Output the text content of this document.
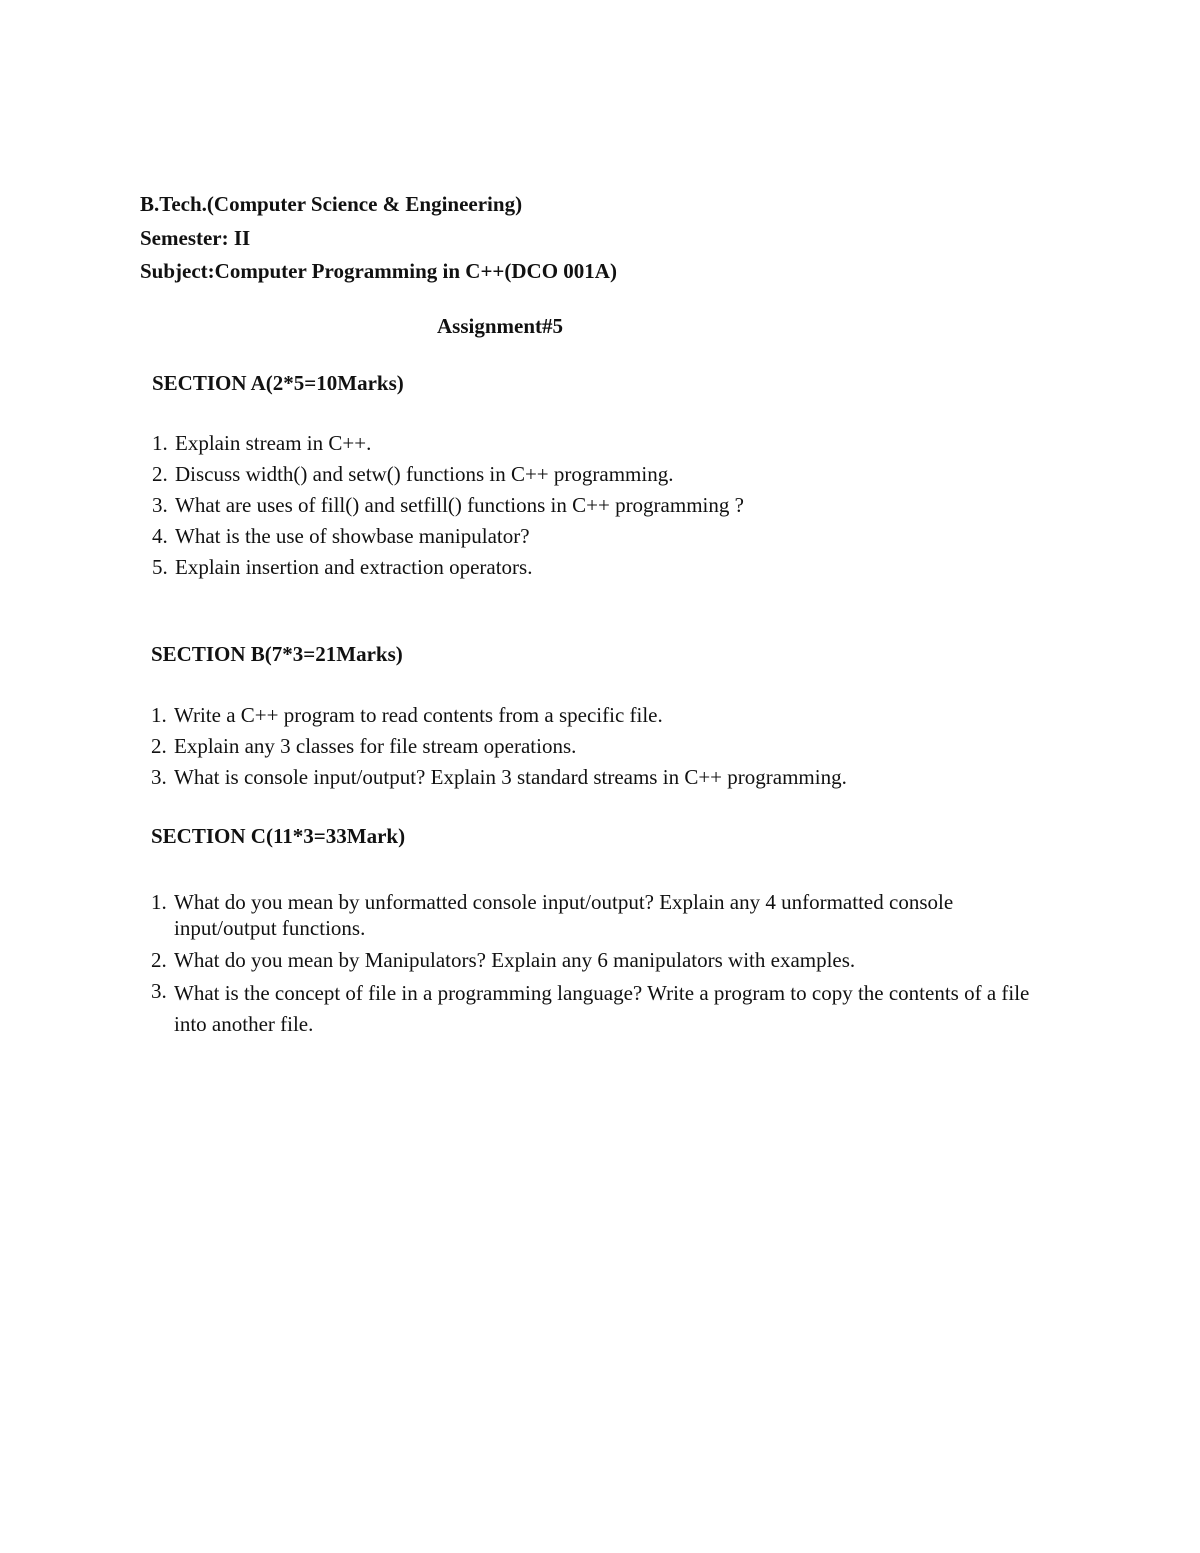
B.Tech.(Computer Science & Engineering)
Semester: II
Subject:Computer Programming in C++(DCO 001A)
Assignment#5
SECTION A(2*5=10Marks)
1. Explain stream in C++.
2. Discuss width() and setw() functions in C++ programming.
3. What are uses of fill() and setfill() functions in C++ programming ?
4. What is the use of showbase manipulator?
5. Explain insertion and extraction operators.
SECTION B(7*3=21Marks)
1. Write a C++ program to read contents from a specific file.
2. Explain any 3 classes for file stream operations.
3. What is console input/output? Explain 3 standard streams in C++ programming.
SECTION C(11*3=33Mark)
1. What do you mean by unformatted console input/output? Explain any 4 unformatted console input/output functions.
2. What do you mean by Manipulators? Explain any 6 manipulators with examples.
3. What is the concept of file in a programming language? Write a program to copy the contents of a file into another file.
